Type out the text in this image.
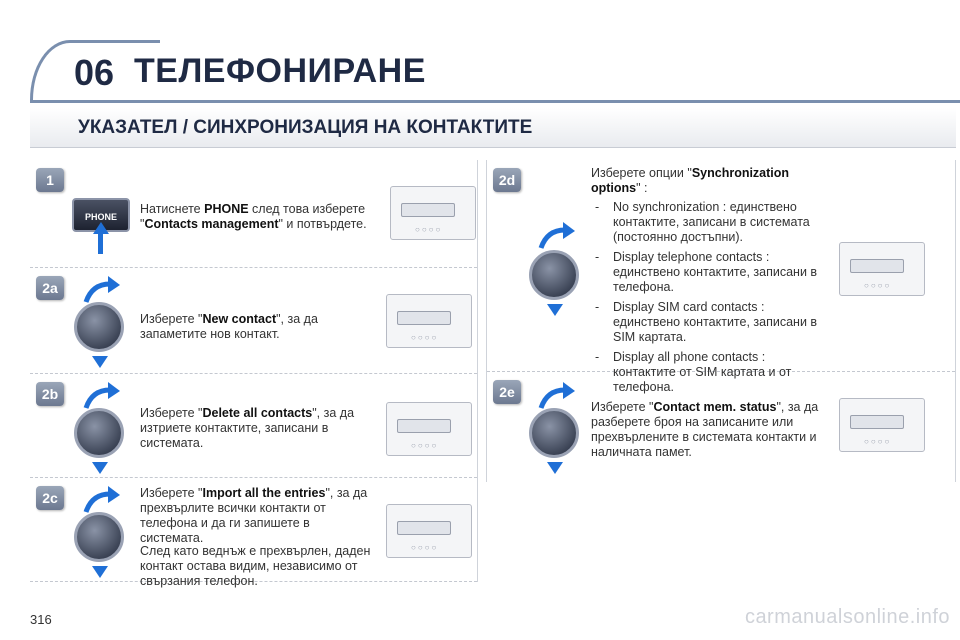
06 ТЕЛЕФОНИРАНЕ
УКАЗАТЕЛ / СИНХРОНИЗАЦИЯ НА КОНТАКТИТЕ
1
PHONE
Натиснете PHONE след това изберете "Contacts management" и потвърдете.	○○○○
2a
Изберете "New contact", за да запаметите нов контакт.	○○○○
2b
Изберете "Delete all contacts", за да изтриете контактите, записани в системата.	○○○○
2c	Изберете "Import all the entries", за да прехвърлите всички контакти от телефона и да ги запишете в системата.
След като веднъж е прехвърлен, даден контакт остава видим, независимо от свързания телефон.
○○○○
2d	Изберете опции "Synchronization options" :
- No synchronization : единствено контактите, записани в системата (постоянно достъпни).
- Display telephone contacts : единствено контактите, записани в телефона.
- Display SIM card contacts : единствено контактите, записани в SIM картата.
- Display all phone contacts : контактите от SIM картата и от телефона.
○○○○
2e
Изберете "Contact mem. status", за да разберете броя на записаните или прехвърлените в системата контакти и наличната памет.
○○○○
316	carmanualsonline.info
